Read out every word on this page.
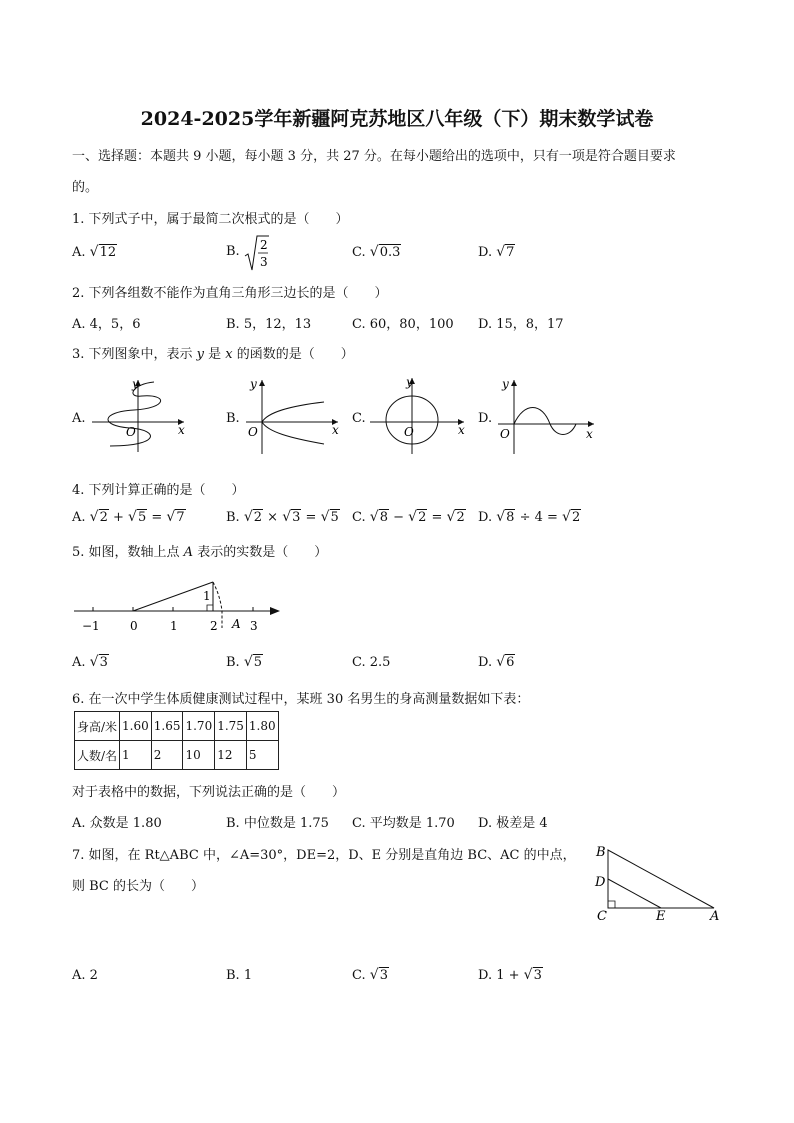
2024-2025学年新疆阿克苏地区八年级（下）期末数学试卷
一、选择题：本题共 9 小题，每小题 3 分，共 27 分。在每小题给出的选项中，只有一项是符合题目要求
的。
1. 下列式子中，属于最简二次根式的是（　　）
A. √12	B. 2
3
C. √0.3	D. √7
2. 下列各组数不能作为直角三角形三边长的是（　　）
A. 4，5，6	B. 5，12，13	C. 60，80，100 D. 15，8，17
3. 下列图象中，表示 y 是 x 的函数的是（　　）
A.
y
O	x
B.
y
O	x
C.
y
O	x
D.
y
O	x
4. 下列计算正确的是（　　）
A. √2 + √5 = √7	B. √2 × √3 = √5 C. √8 − √2 = √2 D. √8 ÷ 4 = √2
5. 如图，数轴上点 A 表示的实数是（　　）
1
−1	0	1	2	3
A
A. √3	B. √5	C. 2.5	D. √6
6. 在一次中学生体质健康测试过程中，某班 30 名男生的身高测量数据如下表：
身高/米	1.60	1.65	1.70	1.75	1.80
人数/名	1	2	10	12	5
对于表格中的数据，下列说法正确的是（　　）
A. 众数是 1.80	B. 中位数是 1.75 C. 平均数是 1.70 D. 极差是 4
7. 如图，在 Rt△ABC 中，∠A=30°，DE=2，D、E 分别是直角边 BC、AC 的中点，
则 BC 的长为（　　）
B
D
C	E	A
A. 2	B. 1	C. √3	D. 1 + √3
